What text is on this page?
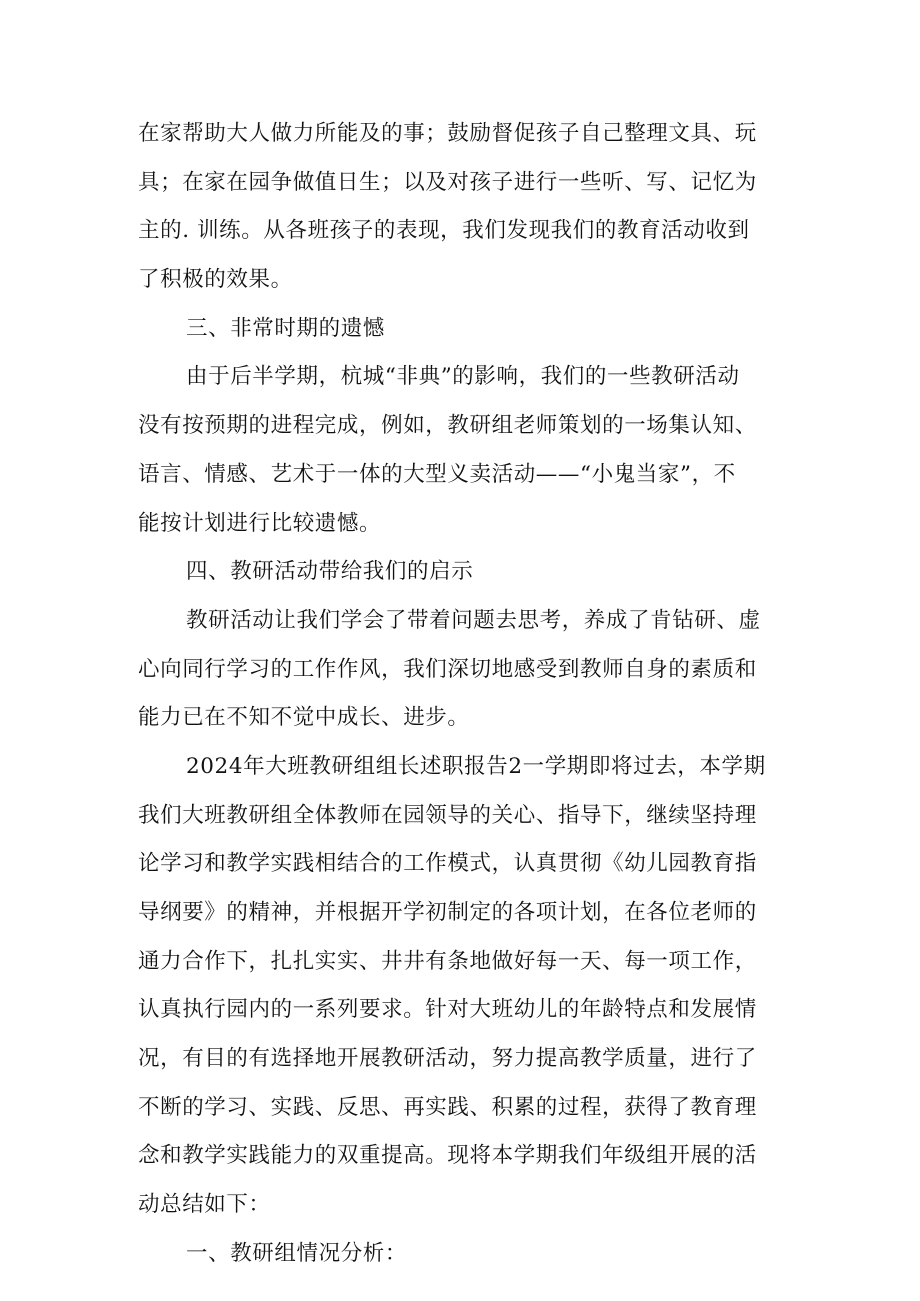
在家帮助大人做力所能及的事；鼓励督促孩子自己整理文具、玩
具；在家在园争做值日生；以及对孩子进行一些听、写、记忆为
主的. 训练。从各班孩子的表现，我们发现我们的教育活动收到
了积极的效果。
三、非常时期的遗憾
由于后半学期，杭城“非典”的影响，我们的一些教研活动
没有按预期的进程完成，例如，教研组老师策划的一场集认知、
语言、情感、艺术于一体的大型义卖活动——“小鬼当家”，不
能按计划进行比较遗憾。
四、教研活动带给我们的启示
教研活动让我们学会了带着问题去思考，养成了肯钻研、虚
心向同行学习的工作作风，我们深切地感受到教师自身的素质和
能力已在不知不觉中成长、进步。
2024年大班教研组组长述职报告2一学期即将过去，本学期
我们大班教研组全体教师在园领导的关心、指导下，继续坚持理
论学习和教学实践相结合的工作模式，认真贯彻《幼儿园教育指
导纲要》的精神，并根据开学初制定的各项计划，在各位老师的
通力合作下，扎扎实实、井井有条地做好每一天、每一项工作，
认真执行园内的一系列要求。针对大班幼儿的年龄特点和发展情
况，有目的有选择地开展教研活动，努力提高教学质量，进行了
不断的学习、实践、反思、再实践、积累的过程，获得了教育理
念和教学实践能力的双重提高。现将本学期我们年级组开展的活
动总结如下：
一、教研组情况分析：
